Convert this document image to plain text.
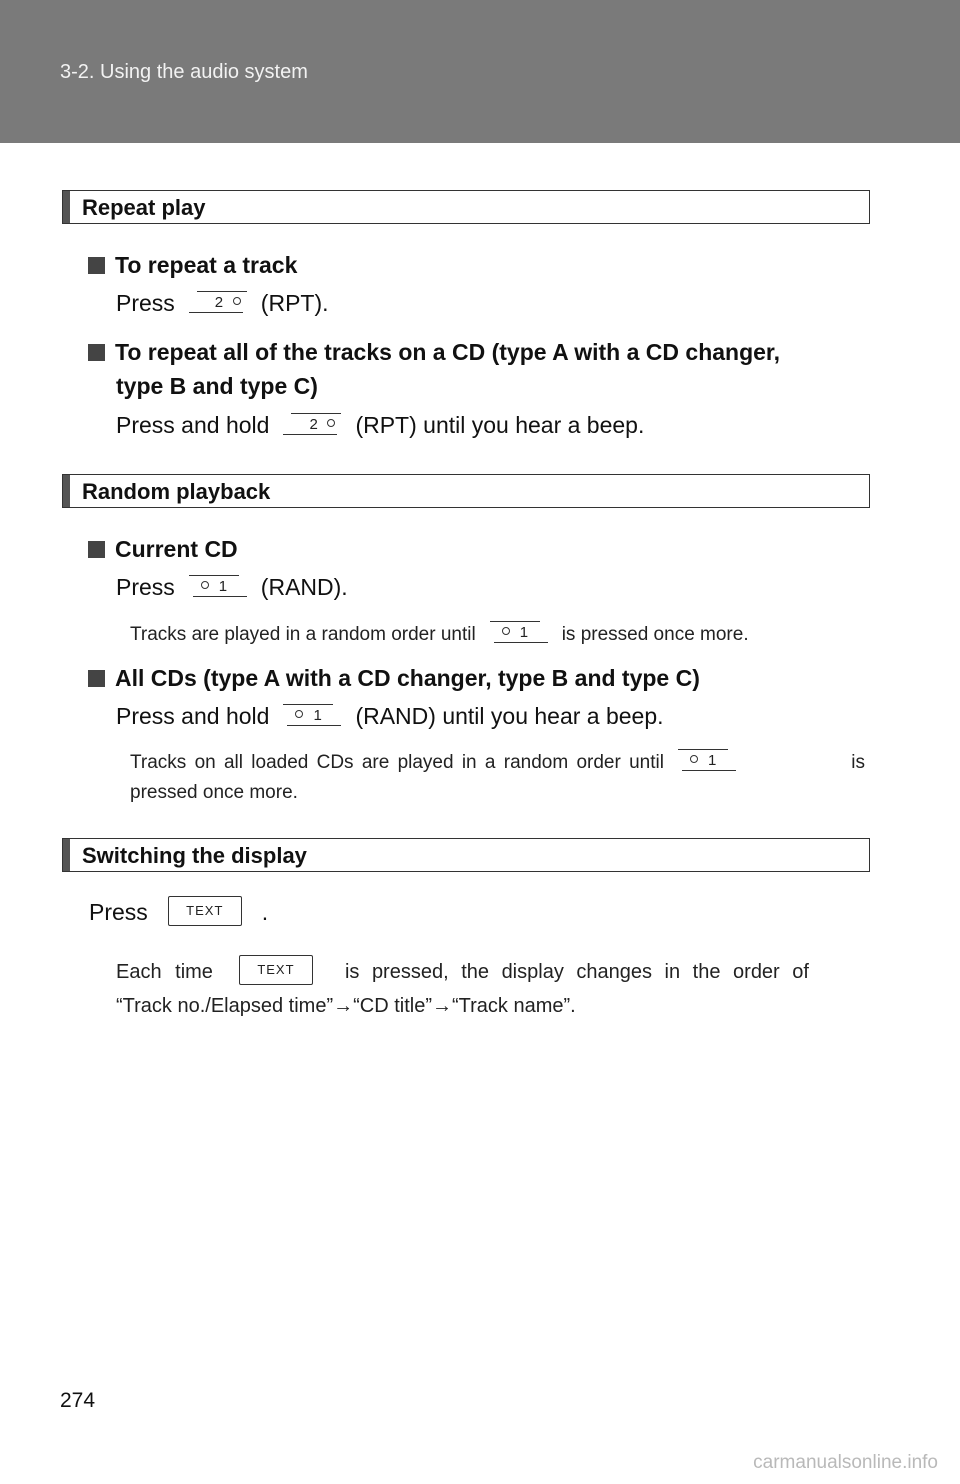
3-2. Using the audio system
Repeat play
To repeat a track
Press	2 (RPT).
To repeat all of the tracks on a CD (type A with a CD changer,
type B and type C)
Press and hold	2 (RPT) until you hear a beep.
Random playback
Current CD
Press	1 (RAND).
Tracks are played in a random order until	1 is pressed once more.
All CDs (type A with a CD changer, type B and type C)
Press and hold	1 (RAND) until you hear a beep.
Tracks on all loaded CDs are played in a random order until	1	is
pressed once more.
Switching the display
Press	TEXT .
Each time	TEXT	is pressed, the display changes in the order of
“Track no./Elapsed time”→“CD title”→“Track name”.
274
carmanualsonline.info
